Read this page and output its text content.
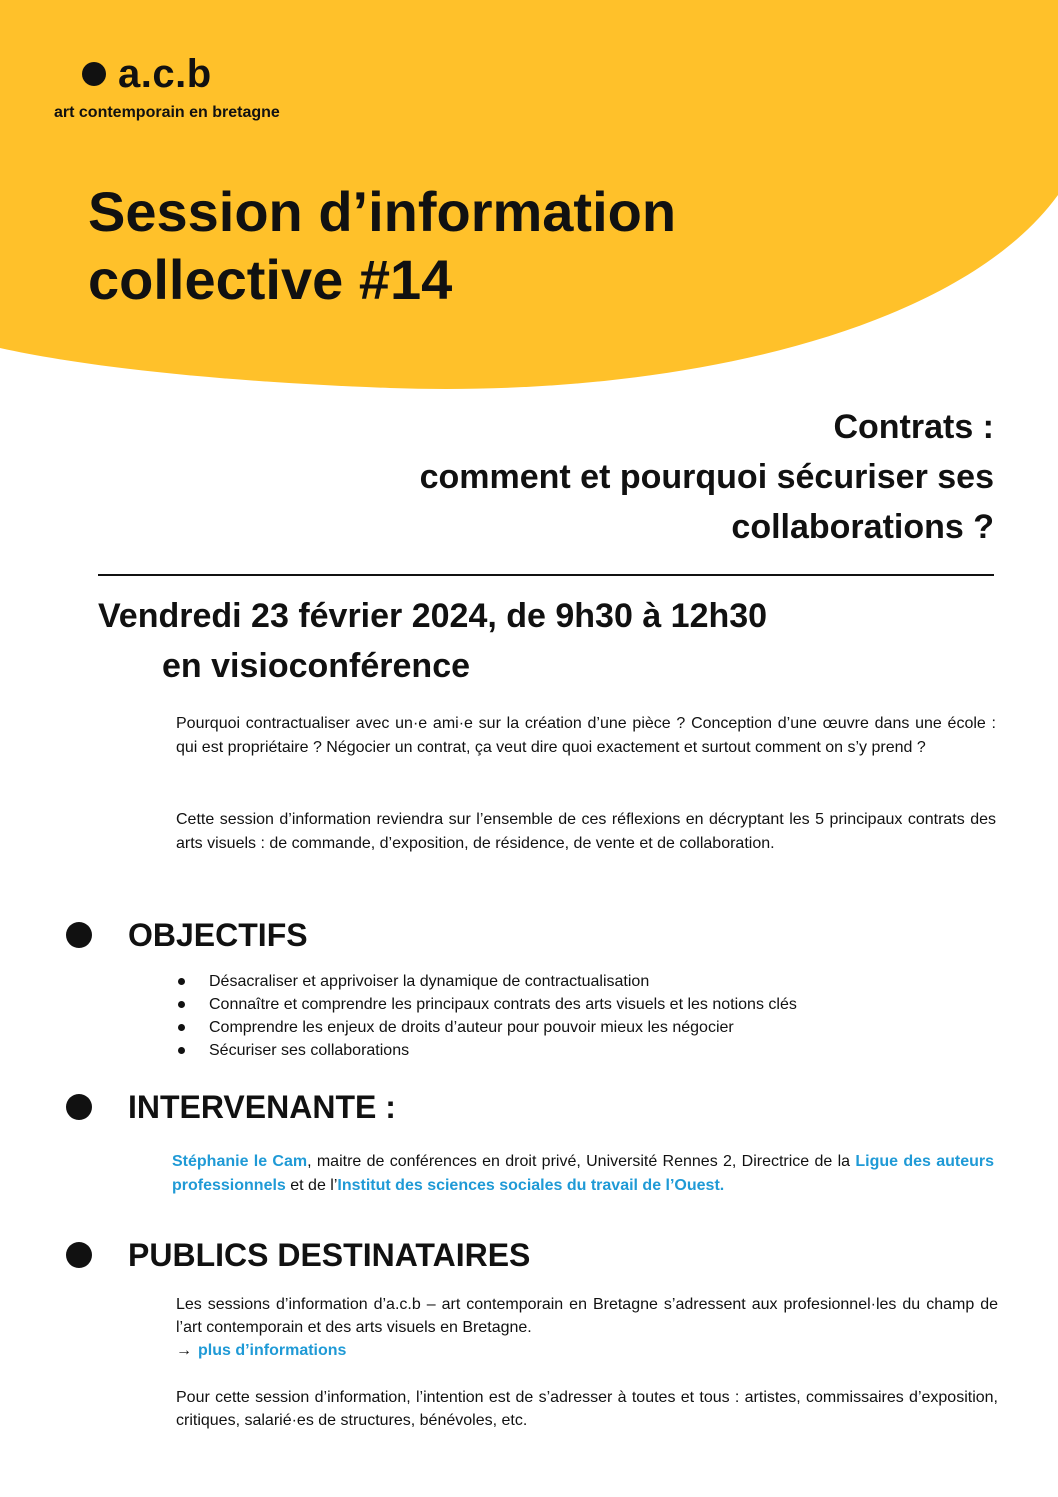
a.c.b
art contemporain en bretagne
Session d’information
collective #14
Contrats :
comment et pourquoi sécuriser ses
collaborations ?
Vendredi 23 février 2024, de 9h30 à 12h30
en visioconférence

Pourquoi contractualiser avec un·e ami·e sur la création d’une pièce ? Conception d’une œuvre dans une école : qui est propriétaire ? Négocier un contrat, ça veut dire quoi exactement et surtout comment on s’y prend ?

Cette session d’information reviendra sur l’ensemble de ces réflexions en décryptant les 5 principaux contrats des arts visuels : de commande, d’exposition, de résidence, de vente et de collaboration.

OBJECTIFS
Désacraliser et apprivoiser la dynamique de contractualisation
Connaître et comprendre les principaux contrats des arts visuels et les notions clés
Comprendre les enjeux de droits d’auteur pour pouvoir mieux les négocier
Sécuriser ses collaborations
INTERVENANTE :

Stéphanie le Cam, maitre de conférences en droit privé, Université Rennes 2, Directrice de la Ligue des auteurs professionnels et de l’Institut des sciences sociales du travail de l’Ouest.

PUBLICS DESTINATAIRES

Les sessions d’information d’a.c.b – art contemporain en Bretagne s’adressent aux profesionnel·les du champ de l’art contemporain et des arts visuels en Bretagne.
→ plus d’informations

Pour cette session d’information, l’intention est de s’adresser à toutes et tous : artistes, commissaires d’exposition, critiques, salarié·es de structures, bénévoles, etc.
